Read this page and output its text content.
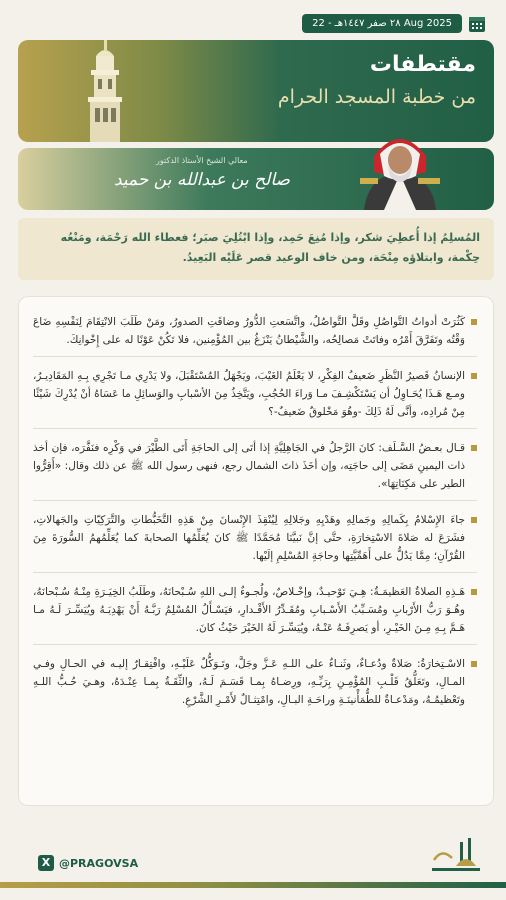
٢٨ صفر ١٤٤٧هـ - 22 Aug 2025
مقتطفات
من خطبة المسجد الحرام
معالي الشيخ الأستاذ الدكتور
صالح بن عبدالله بن حميد
المُسلِمُ إذا أُعطِيَ شكر، وإذا مُنِعَ حَمِد، وإذا ابْتُلِيَ صبَر؛ فعطاء الله رَحْمَة، ومَنْعُه حِكْمة، وابتلاؤه مِنْحَة، ومن خاف الوعيد قصر عَلَيْه البَعِيدُ.

كَثُرَتْ أدواتُ التَّواصُلِ وقَلَّ التَّواصُلُ، واتَّسَعتِ الدُّورُ وضاقَتِ الصدورُ، ومَنْ طَلَبَ الانْتِقَامَ لِنَفْسِهِ ضَاعَ وَقْتُه وتَفَرَّقَ أَمْرُه وفاتَتْ مَصالِحُه، والشَّيْطانُ يَنْزَغُ بين المُؤْمِنين، فلا تَكُنْ عَوْنًا له على إِخْوانِكَ.

الإنسانُ قَصيرُ النَّظَرِ ضَعيفُ الفِكْرِ، لا يَعْلَمُ الغَيْبَ، ويَجْهَلُ المُسْتَقْبَلَ، ولا يَدْرِي مـا تَجْرِي بِـهِ المَقَادِيـرُ، ومـع هَـذَا يُحَـاوِلُ أن يَسْتَكْشِـفَ مـا وَراءَ الحُجُبِ، ويَتَّخِذُ مِنَ الأسْبابِ والوَسائِلِ ما عَسَاهُ أنْ يُدْرِكَ شَيْئًا مِنْ مُرادِه، وأنَّى لَهُ ذَلِكَ -وهُوَ مَخْلوقٌ ضَعيفٌ-؟

قـال بعـضُ السَّـلَف: كانَ الرَّجلُ في الجَاهِلِيَّةِ إذا أتَى إلى الحاجَةِ أَتَى الطَّيْرَ في وَكْرِه فنَفَّرَه، فإن أخذ ذات اليمينِ مَضَى إلى حاجَتِه، وإن أخَذَ ذاتَ الشمال رجع، فنهى رسول الله ﷺ عن ذلك وقال: «أَقِرُّوا الطير على مَكِنَاتِهَا».

جاءَ الإِسْلامُ بِكَمالِهِ وجَمالِهِ وهَدْيِهِ وجَلالِهِ لِيُنْقِذَ الإِنْسانَ مِنْ هَذِهِ التَّخَبُّطاتِ والتَّرَكِيّاتِ والجَهالاتِ، فشَرَعَ له صَلاةَ الاسْتِخارَةِ، حتَّى إنَّ نَبيَّنَا مُحَمَّدًا ﷺ كانَ يُعَلِّمُها الصحابةَ كما يُعَلِّمُهمُ السُّورَةَ مِنَ القُرْآنِ؛ مِمَّا يَدُلُّ على أَهَمِّيَّتِها وحاجَةِ المُسْلِمِ إلَيْها.

هَـذِهِ الصلاةُ العَظيمَـةُ: هِـيَ تَوْحيـدٌ، وإخْـلاصٌ، ولُجـوءٌ إلـى اللهِ سُـبْحانَهُ، وطَلَبُ الخِيَـرَةِ مِنْـهُ سُـبْحانَهُ، وهُـوَ رَبُّ الأَرْبابِ ومُسَـبِّبُ الأَسْـبابِ ومُقَـدِّرُ الأَقْـدارِ، فيَسْـأَلُ المُسْلِمُ رَبَّـهُ أَنْ يَهْدِيَـهُ ويُيَسِّـرَ لَـهُ مـا هَـمَّ بِـهِ مِـنَ الخَيْـرِ، أو يَصرِفَـهُ عَنْـهُ، ويُيَسِّـرَ لَهُ الخَيْرَ حَيْثُ كانَ.

الاسْـتِخارَةُ: صَلاةٌ ودُعـاءٌ، وثَنـاءٌ على اللـهِ عَـزَّ وجَلَّ، وتَـوَكُّلٌ عَلَيْـهِ، وافْتِقـارٌ إليـه في الحـالِ وفـي المـالِ، وتَعَلُّقُ قَلْـبِ المُؤْمِـنِ بِرَبِّـهِ، ورِضـاهُ بِمـا قَسَـمَ لَـهُ، والثِّقَـةُ بِمـا عِنْـدَهُ، وهـيَ حُـبُّ اللـهِ وتَعْظيمُـهُ، ومَدْعـاةٌ للطُّمَأْنينَـةِ وراحَـةِ البـالِ، وامْتِثـالٌ لأَمْـرِ الشَّرْعِ.

X @PRAGOVSA
